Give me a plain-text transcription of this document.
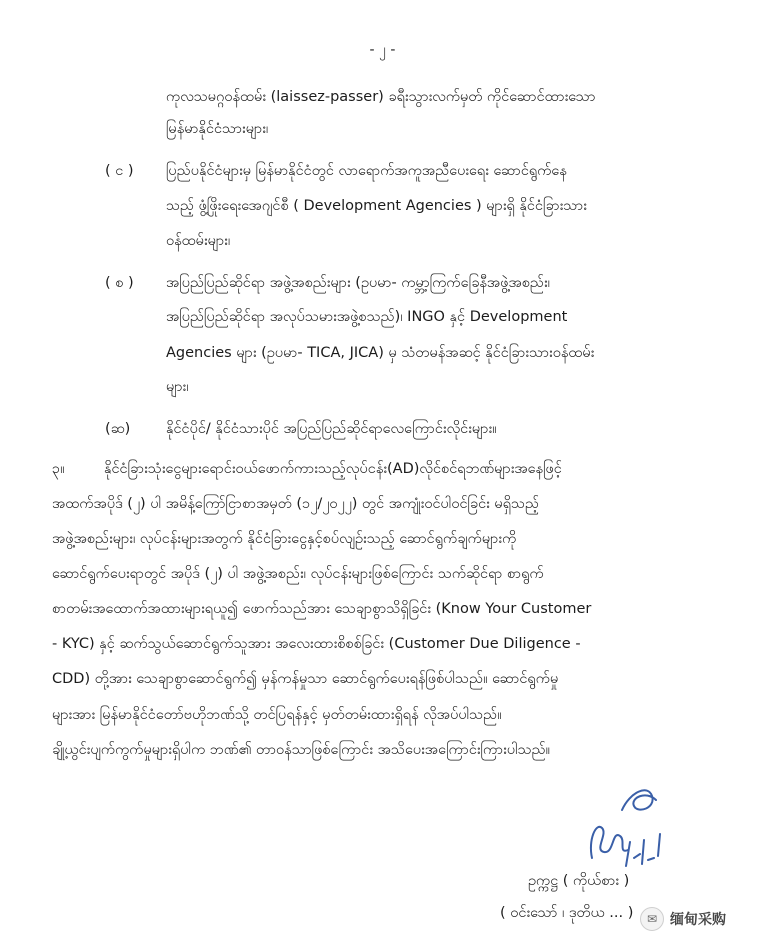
- ၂ -
ကုလသမဂ္ဂဝန်ထမ်း (laissez-passer) ခရီးသွားလက်မှတ် ကိုင်ဆောင်ထားသော
မြန်မာနိုင်ငံသားများ၊
( င ) ပြည်ပနိုင်ငံများမှ မြန်မာနိုင်ငံတွင် လာရောက်အကူအညီပေးရေး ဆောင်ရွက်နေ
သည့် ဖွံ့ဖြိုးရေးအေဂျင်စီ ( Development Agencies ) များရှိ နိုင်ငံခြားသား
ဝန်ထမ်းများ၊
( စ ) အပြည်ပြည်ဆိုင်ရာ အဖွဲ့အစည်းများ (ဥပမာ- ကမ္ဘာ့ကြက်ခြေနီအဖွဲ့အစည်း၊
အပြည်ပြည်ဆိုင်ရာ အလုပ်သမားအဖွဲ့စသည်)၊ INGO နှင့် Development
Agencies များ (ဥပမာ- TICA, JICA) မှ သံတမန်အဆင့် နိုင်ငံခြားသားဝန်ထမ်း
များ၊
(ဆ) နိုင်ငံပိုင်/ နိုင်ငံသားပိုင် အပြည်ပြည်ဆိုင်ရာလေကြောင်းလိုင်းများ။
၃။	နိုင်ငံခြားသုံးငွေများရောင်းဝယ်ဖောက်ကားသည့်လုပ်ငန်း(AD)လိုင်စင်ရဘဏ်များအနေဖြင့်
အထက်အပိုဒ် (၂) ပါ အမိန့်ကြော်ငြာစာအမှတ် (၁၂/၂၀၂၂) တွင် အကျုံးဝင်ပါဝင်ခြင်း မရှိသည့်
အဖွဲ့အစည်းများ၊ လုပ်ငန်းများအတွက် နိုင်ငံခြားငွေနှင့်စပ်လျဉ်းသည့် ဆောင်ရွက်ချက်များကို
ဆောင်ရွက်ပေးရာတွင် အပိုဒ် (၂) ပါ အဖွဲ့အစည်း၊ လုပ်ငန်းများဖြစ်ကြောင်း သက်ဆိုင်ရာ စာရွက်
စာတမ်းအထောက်အထားများရယူ၍ ဖောက်သည်အား သေချာစွာသိရှိခြင်း (Know Your Customer
- KYC) နှင့် ဆက်သွယ်ဆောင်ရွက်သူအား အလေးထားစိစစ်ခြင်း (Customer Due Diligence -
CDD) တို့အား သေချာစွာဆောင်ရွက်၍ မှန်ကန်မှုသာ ဆောင်ရွက်ပေးရန်ဖြစ်ပါသည်။ ဆောင်ရွက်မှု
များအား မြန်မာနိုင်ငံတော်ဗဟိုဘဏ်သို့ တင်ပြရန်နှင့် မှတ်တမ်းထားရှိရန် လိုအပ်ပါသည်။
ချို့ယွင်းပျက်ကွက်မှုများရှိပါက ဘဏ်၏ တာဝန်သာဖြစ်ကြောင်း အသိပေးအကြောင်းကြားပါသည်။
ဥက္ကဋ္ဌ ( ကိုယ်စား )
( ဝင်းသော် ၊ ဒုတိယ ... )	✉ 缅甸采购
